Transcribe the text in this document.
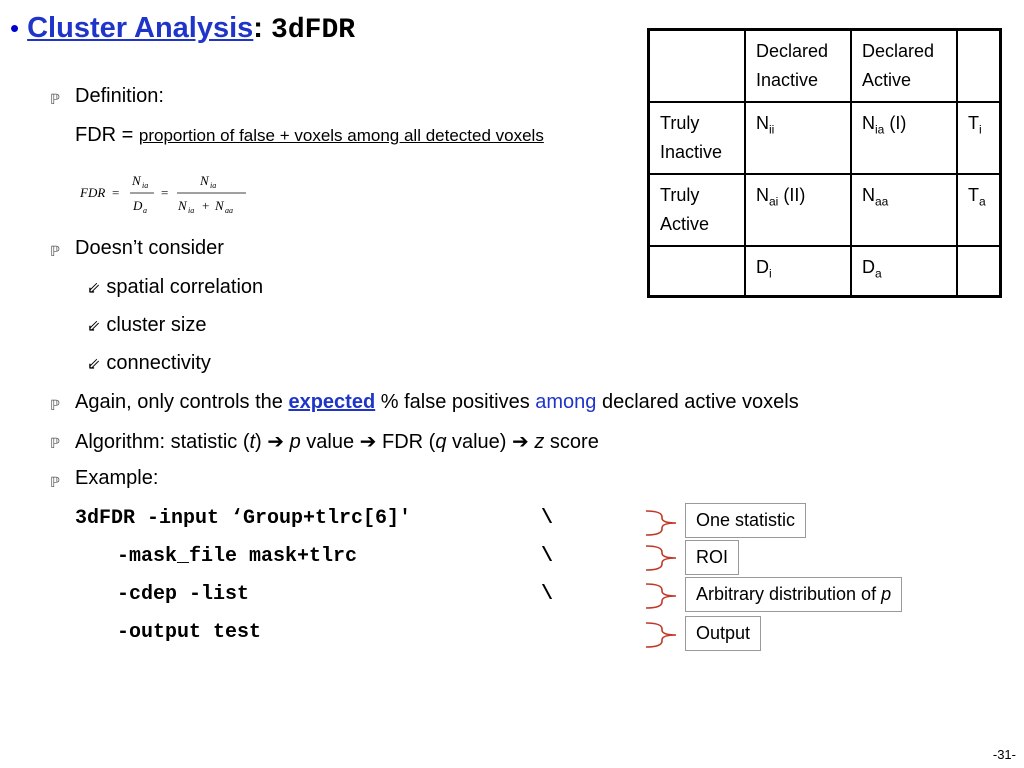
• Cluster Analysis: 3dFDR
ℙ Definition:
FDR = proportion of false + voxels among all detected voxels
FDR =
N ia
D a
=
N ia
N ia + N aa
ℙ Doesn’t consider
⇙ spatial correlation
⇙ cluster size
⇙ connectivity
ℙ Again, only controls the expected % false positives among declared active voxels
ℙ Algorithm: statistic (t) ➔ p value ➔ FDR (q value) ➔ z score
ℙ Example:
3dFDR -input ‘Group+tlrc[6]'	\
-mask_file mask+tlrc	\
-cdep -list	\
-output test
One statistic
ROI
Arbitrary distribution of p
Output
	Declared Inactive	Declared Active	
Truly Inactive	$N_{ii}$	$N_{ia}$ (I)	$T_i$
Truly Active	$N_{ai}$ (II)	$N_{aa}$	$T_a$
	$D_i$	$D_a$	
-31-
